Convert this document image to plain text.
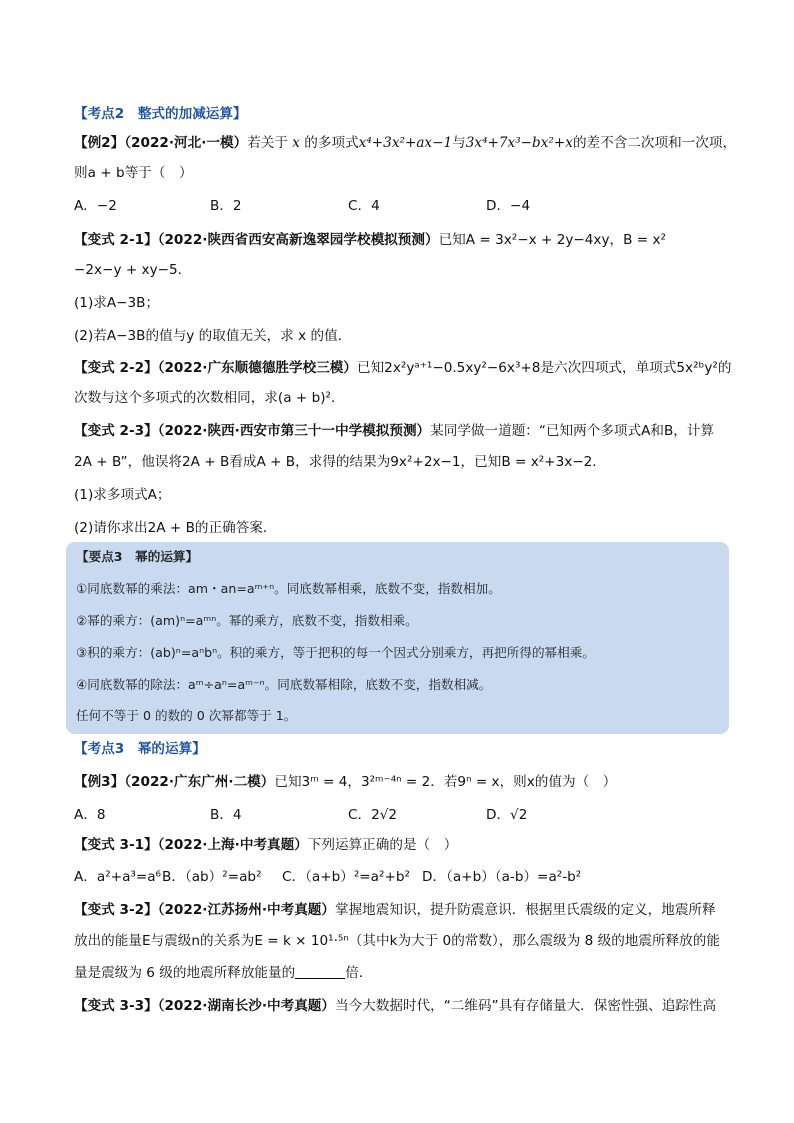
【考点2　整式的加减运算】
【例2】（2022·河北·一模）若关于 x 的多项式x⁴+3x²+ax−1与3x⁴+7x³−bx²+x的差不含二次项和一次项，
则a + b等于（　）
A．−2	B．2	C．4	D．−4
【变式 2-1】（2022·陕西省西安高新逸翠园学校模拟预测）已知A = 3x²−x + 2y−4xy，B = x²
−2x−y + xy−5．
(1)求A−3B；
(2)若A−3B的值与y 的取值无关，求 x 的值．
【变式 2-2】（2022·广东顺德德胜学校三模）已知2x²yᵃ⁺¹−0.5xy²−6x³+8是六次四项式，单项式5x²ᵇy²的
次数与这个多项式的次数相同，求(a + b)²．
【变式 2-3】（2022·陕西·西安市第三十一中学模拟预测）某同学做一道题：“已知两个多项式A和B，计算
2A + B”，他误将2A + B看成A + B，求得的结果为9x²+2x−1，已知B = x²+3x−2．
(1)求多项式A；
(2)请你求出2A + B的正确答案．
【要点3　幂的运算】
①同底数幂的乘法：am・an=aᵐ⁺ⁿ。同底数幂相乘，底数不变，指数相加。
②幂的乘方：(am)ⁿ=aᵐⁿ。幂的乘方，底数不变，指数相乘。
③积的乘方：(ab)ⁿ=aⁿbⁿ。积的乘方，等于把积的每一个因式分别乘方，再把所得的幂相乘。
④同底数幂的除法：aᵐ÷aⁿ=aᵐ⁻ⁿ。同底数幂相除，底数不变，指数相减。
任何不等于 0 的数的 0 次幂都等于 1。
【考点3　幂的运算】
【例3】（2022·广东广州·二模）已知3ᵐ = 4，3²ᵐ⁻⁴ⁿ = 2．若9ⁿ = x，则x的值为（　）
A．8	B．4	C．2√2	D．√2
【变式 3-1】（2022·上海·中考真题）下列运算正确的是（　）
A．a²+a³=a⁶ B．（ab）²=ab² C．（a+b）²=a²+b² D．（a+b）（a-b）=a²-b²
【变式 3-2】（2022·江苏扬州·中考真题）掌握地震知识，提升防震意识．根据里氏震级的定义，地震所释
放出的能量E与震级n的关系为E = k × 10¹·⁵ⁿ（其中k为大于 0的常数），那么震级为 8 级的地震所释放的能
量是震级为 6 级的地震所释放能量的	倍．
【变式 3-3】（2022·湖南长沙·中考真题）当今大数据时代，“二维码”具有存储量大．保密性强、追踪性高
